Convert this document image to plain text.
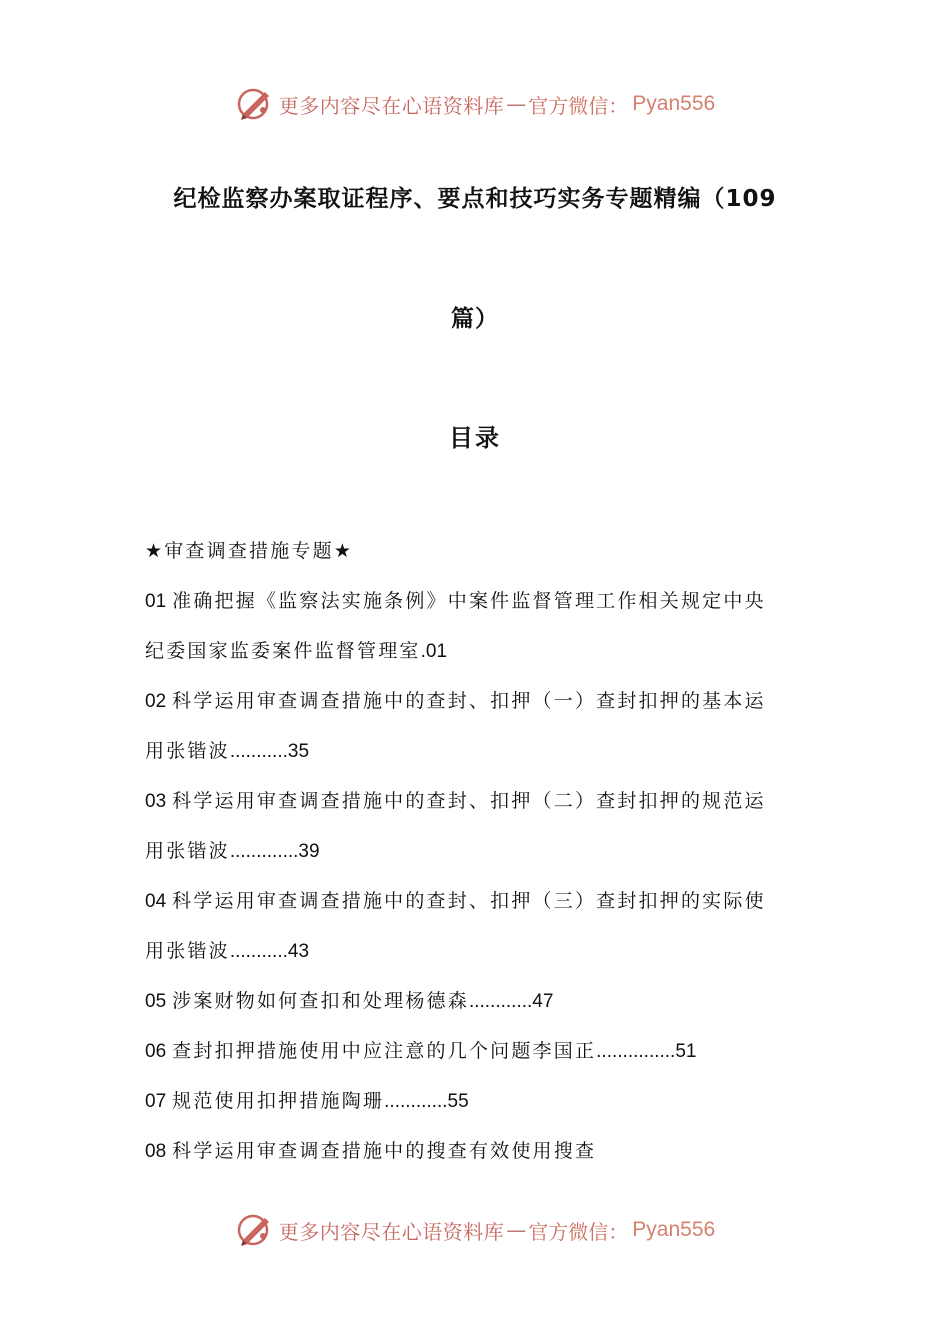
更多内容尽在心语资料库 — 官方微信： Pyan556
纪检监察办案取证程序、要点和技巧实务专题精编（109
篇）
目录
★审查调查措施专题★
01 准确把握《监察法实施条例》中案件监督管理工作相关规定中央
纪委国家监委案件监督管理室.01
02 科学运用审查调查措施中的查封、扣押（一）查封扣押的基本运
用张锴波...........35
03 科学运用审查调查措施中的查封、扣押（二）查封扣押的规范运
用张锴波.............39
04 科学运用审查调查措施中的查封、扣押（三）查封扣押的实际使
用张锴波...........43
05 涉案财物如何查扣和处理杨德森............47
06 查封扣押措施使用中应注意的几个问题李国正...............51
07 规范使用扣押措施陶珊............55
08 科学运用审查调查措施中的搜查有效使用搜查
更多内容尽在心语资料库 — 官方微信： Pyan556
